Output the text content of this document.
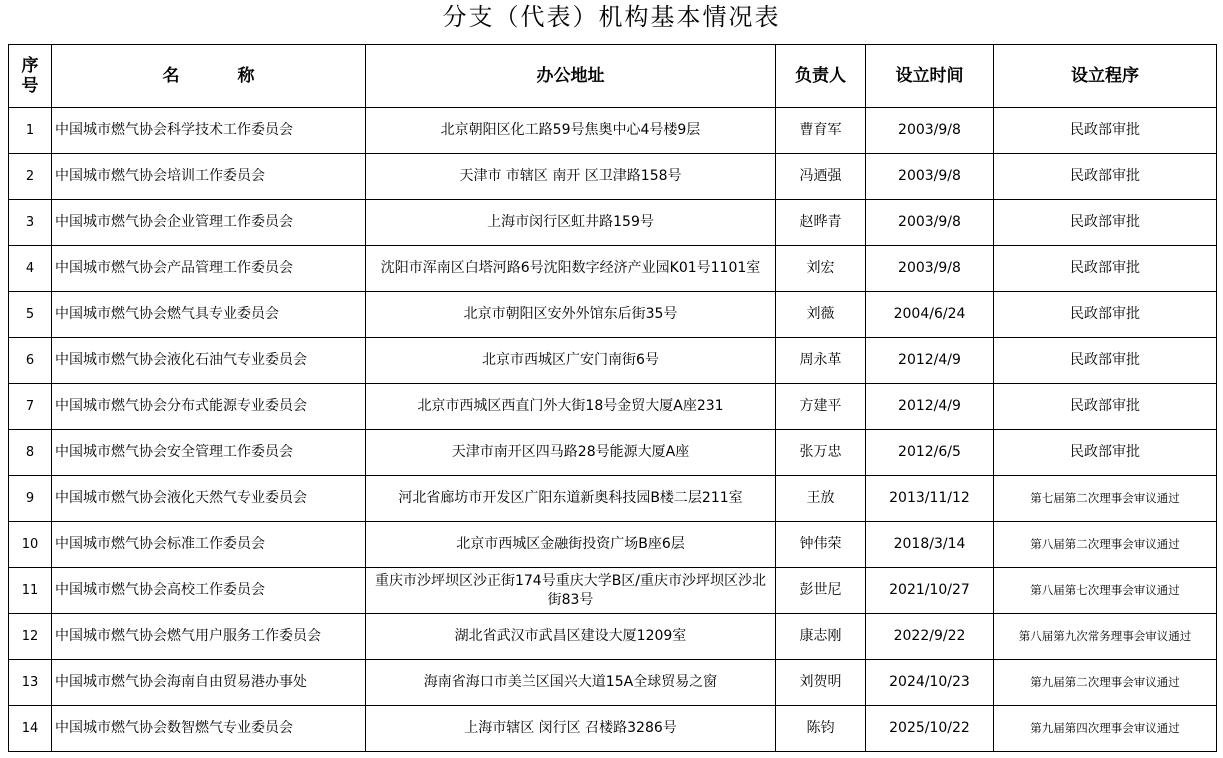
分支（代表）机构基本情况表
序号	名 称	办公地址	负责人	设立时间	设立程序
1	中国城市燃气协会科学技术工作委员会	北京朝阳区化工路59号焦奥中心4号楼9层	曹育军	2003/9/8	民政部审批
2	中国城市燃气协会培训工作委员会	天津市 市辖区 南开 区卫津路158号	冯迺强	2003/9/8	民政部审批
3	中国城市燃气协会企业管理工作委员会	上海市闵行区虹井路159号	赵晔青	2003/9/8	民政部审批
4	中国城市燃气协会产品管理工作委员会	沈阳市浑南区白塔河路6号沈阳数字经济产业园K01号1101室	刘宏	2003/9/8	民政部审批
5	中国城市燃气协会燃气具专业委员会	北京市朝阳区安外外馆东后街35号	刘薇	2004/6/24	民政部审批
6	中国城市燃气协会液化石油气专业委员会	北京市西城区广安门南街6号	周永革	2012/4/9	民政部审批
7	中国城市燃气协会分布式能源专业委员会	北京市西城区西直门外大街18号金贸大厦A座231	方建平	2012/4/9	民政部审批
8	中国城市燃气协会安全管理工作委员会	天津市南开区四马路28号能源大厦A座	张万忠	2012/6/5	民政部审批
9	中国城市燃气协会液化天然气专业委员会	河北省廊坊市开发区广阳东道新奥科技园B楼二层211室	王放	2013/11/12	第七届第二次理事会审议通过
10	中国城市燃气协会标准工作委员会	北京市西城区金融街投资广场B座6层	钟伟荣	2018/3/14	第八届第二次理事会审议通过
11	中国城市燃气协会高校工作委员会	重庆市沙坪坝区沙正街174号重庆大学B区/重庆市沙坪坝区沙北街83号	彭世尼	2021/10/27	第八届第七次理事会审议通过
12	中国城市燃气协会燃气用户服务工作委员会	湖北省武汉市武昌区建设大厦1209室	康志刚	2022/9/22	第八届第九次常务理事会审议通过
13	中国城市燃气协会海南自由贸易港办事处	海南省海口市美兰区国兴大道15A全球贸易之窗	刘贺明	2024/10/23	第九届第二次理事会审议通过
14	中国城市燃气协会数智燃气专业委员会	上海市辖区 闵行区 召楼路3286号	陈钧	2025/10/22	第九届第四次理事会审议通过
